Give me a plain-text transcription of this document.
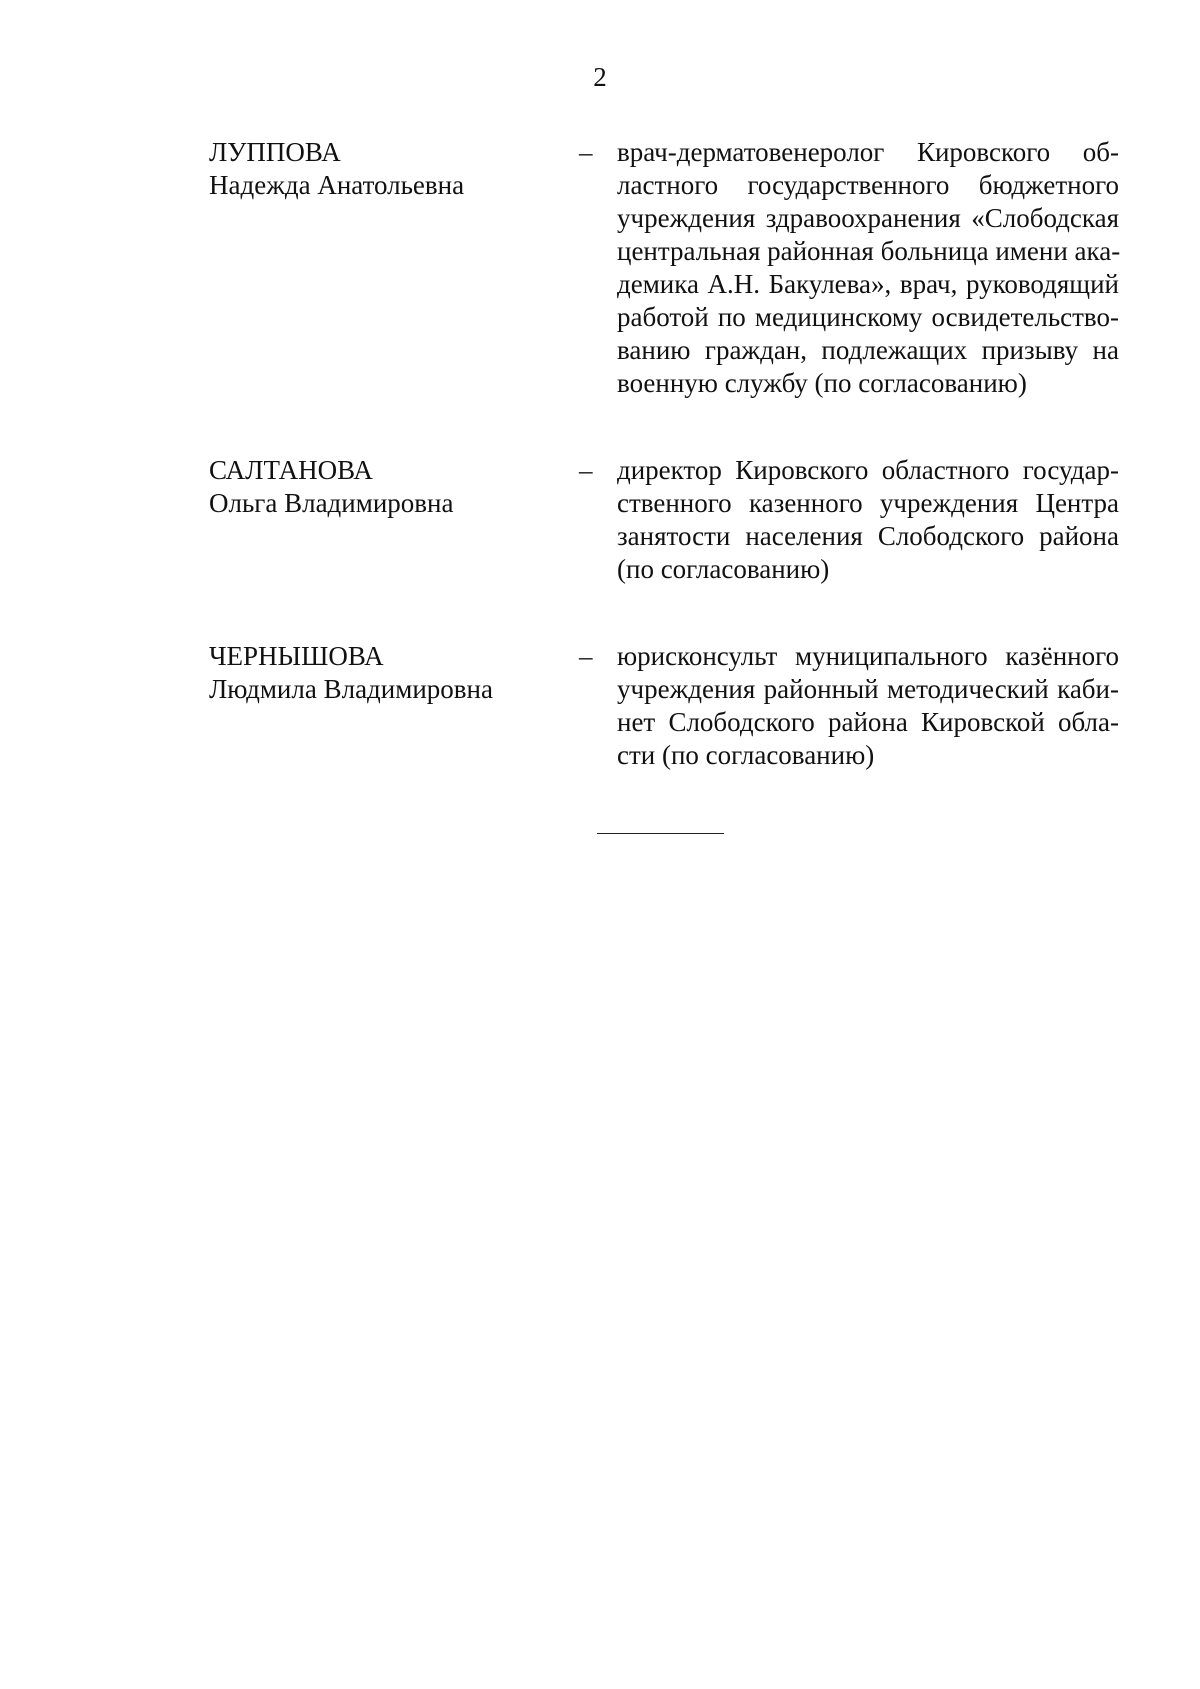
2
ЛУППОВА
Надежда Анатольевна
– врач-дерматовенеролог Кировского об-
ластного государственного бюджетного
учреждения здравоохранения «Слободская
центральная районная больница имени ака-
демика А.Н. Бакулева», врач, руководящий
работой по медицинскому освидетельство-
ванию граждан, подлежащих призыву на
военную службу (по согласованию)
САЛТАНОВА
Ольга Владимировна
– директор Кировского областного государ-
ственного казенного учреждения Центра
занятости населения Слободского района
(по согласованию)
ЧЕРНЫШОВА
Людмила Владимировна
– юрисконсульт муниципального казённого
учреждения районный методический каби-
нет Слободского района Кировской обла-
сти (по согласованию)
